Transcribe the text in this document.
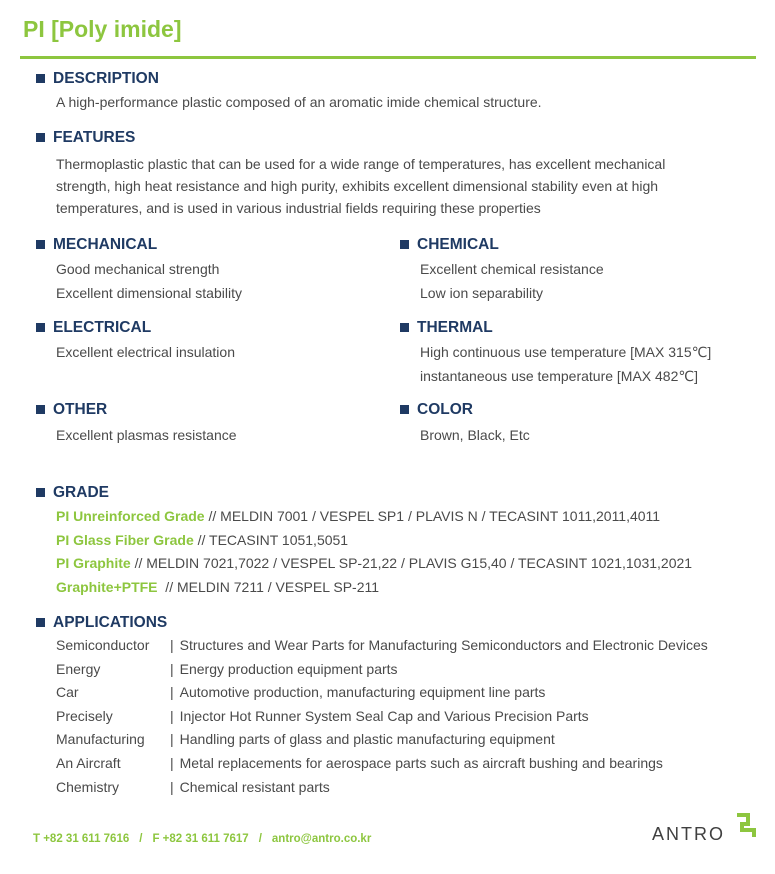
PI [Poly imide]
DESCRIPTION
A high-performance plastic composed of an aromatic imide chemical structure.
FEATURES
Thermoplastic plastic that can be used for a wide range of temperatures, has excellent mechanical
strength, high heat resistance and high purity, exhibits excellent dimensional stability even at high
temperatures, and is used in various industrial fields requiring these properties
MECHANICAL
Good mechanical strength
Excellent dimensional stability
CHEMICAL
Excellent chemical resistance
Low ion separability
ELECTRICAL
Excellent electrical insulation
THERMAL
High continuous use temperature [MAX 315℃]
instantaneous use temperature [MAX 482℃]
OTHER
Excellent plasmas resistance
COLOR
Brown, Black, Etc
GRADE
PI Unreinforced Grade // MELDIN 7001 / VESPEL SP1 / PLAVIS N / TECASINT 1011,2011,4011
PI Glass Fiber Grade // TECASINT 1051,5051
PI Graphite // MELDIN 7021,7022 / VESPEL SP-21,22 / PLAVIS G15,40 / TECASINT 1021,1031,2021
Graphite+PTFE  // MELDIN 7211 / VESPEL SP-211
APPLICATIONS
Semiconductor	| Structures and Wear Parts for Manufacturing Semiconductors and Electronic Devices
Energy	| Energy production equipment parts
Car	| Automotive production, manufacturing equipment line parts
Precisely	| Injector Hot Runner System Seal Cap and Various Precision Parts
Manufacturing	| Handling parts of glass and plastic manufacturing equipment
An Aircraft	| Metal replacements for aerospace parts such as aircraft bushing and bearings
Chemistry	| Chemical resistant parts
T +82 31 611 7616 / F +82 31 611 7617 / antro@antro.co.kr	ANTRO
